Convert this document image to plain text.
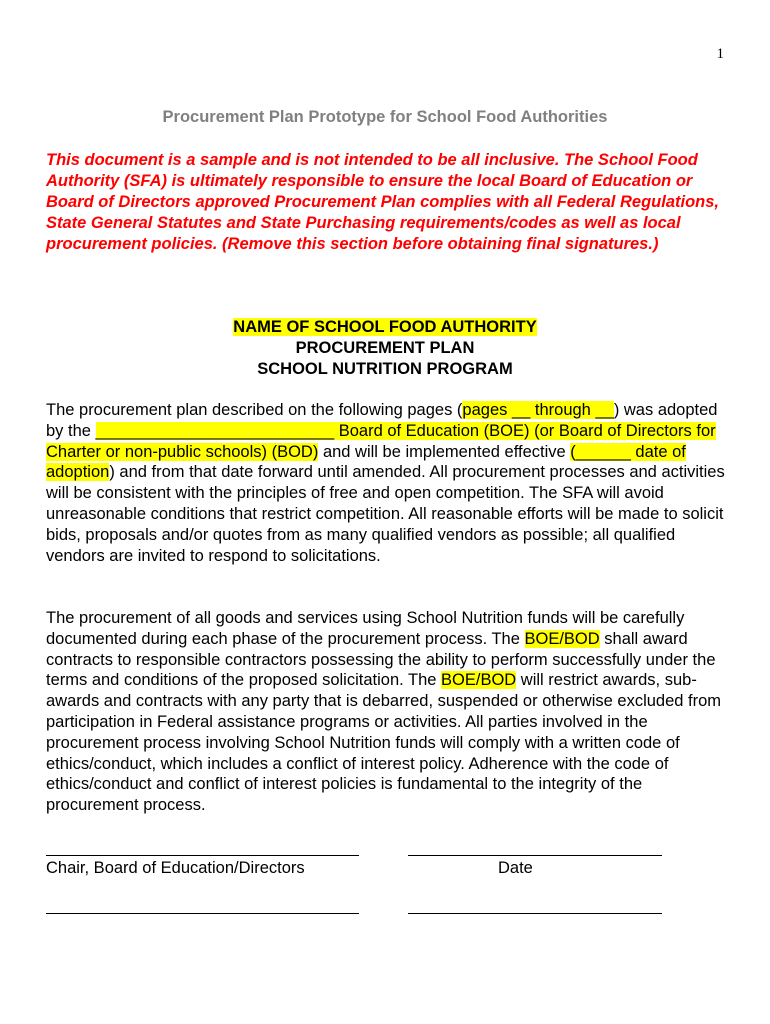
1
Procurement Plan Prototype for School Food Authorities

This document is a sample and is not intended to be all inclusive. The School Food Authority (SFA) is ultimately responsible to ensure the local Board of Education or Board of Directors approved Procurement Plan complies with all Federal Regulations, State General Statutes and State Purchasing requirements/codes as well as local procurement policies. (Remove this section before obtaining final signatures.)

NAME OF SCHOOL FOOD AUTHORITY
PROCUREMENT PLAN
SCHOOL NUTRITION PROGRAM

The procurement plan described on the following pages (pages __ through __) was adopted by the __________________________ Board of Education (BOE) (or Board of Directors for Charter or non-public schools) (BOD) and will be implemented effective (______ date of adoption) and from that date forward until amended. All procurement processes and activities will be consistent with the principles of free and open competition. The SFA will avoid unreasonable conditions that restrict competition. All reasonable efforts will be made to solicit bids, proposals and/or quotes from as many qualified vendors as possible; all qualified vendors are invited to respond to solicitations.

The procurement of all goods and services using School Nutrition funds will be carefully documented during each phase of the procurement process. The BOE/BOD shall award contracts to responsible contractors possessing the ability to perform successfully under the terms and conditions of the proposed solicitation. The BOE/BOD will restrict awards, sub-awards and contracts with any party that is debarred, suspended or otherwise excluded from participation in Federal assistance programs or activities. All parties involved in the procurement process involving School Nutrition funds will comply with a written code of ethics/conduct, which includes a conflict of interest policy. Adherence with the code of ethics/conduct and conflict of interest policies is fundamental to the integrity of the procurement process.

Chair, Board of Education/Directors	Date
